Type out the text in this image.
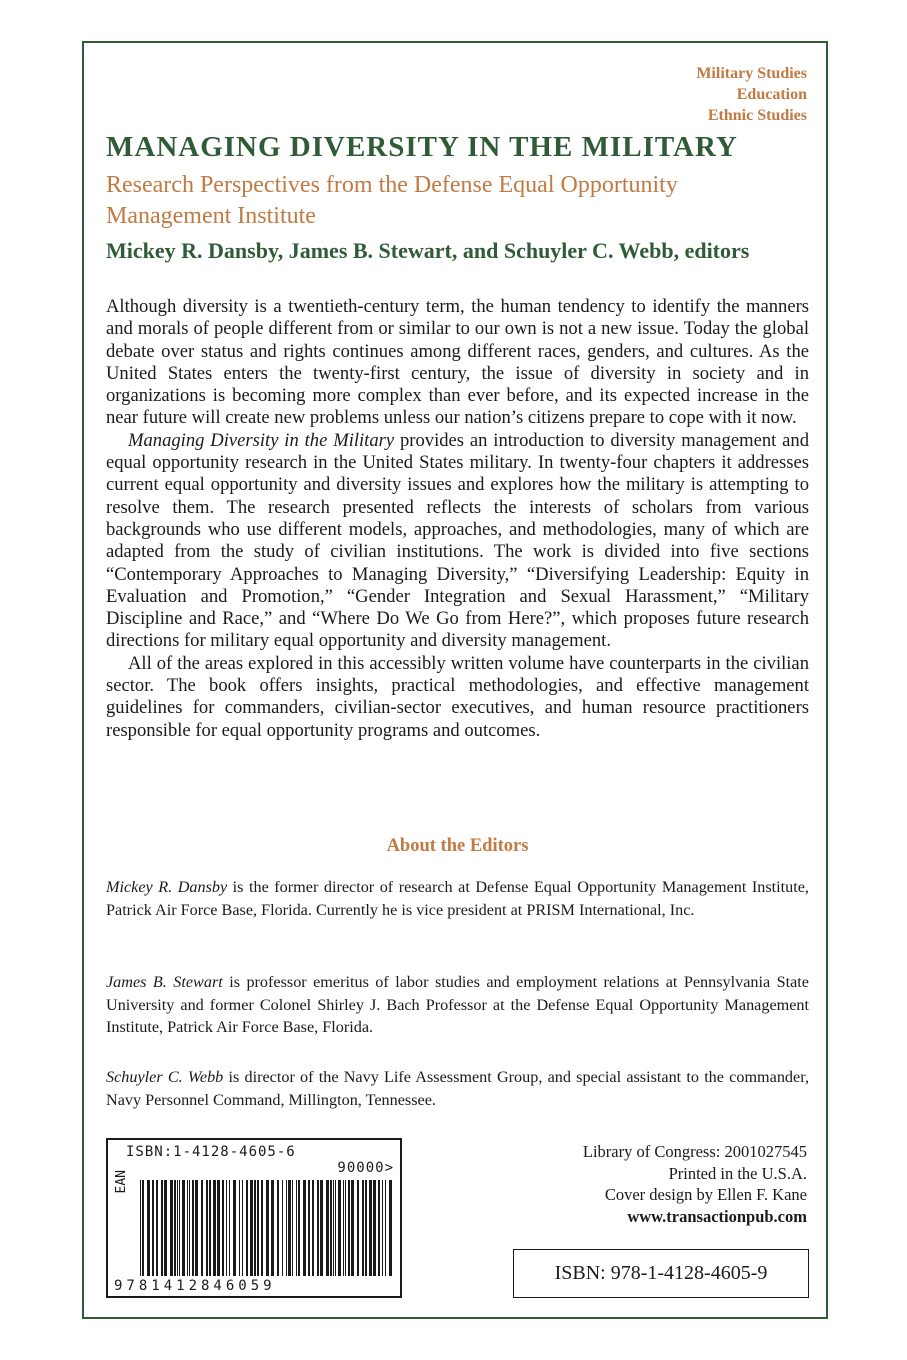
Military Studies
Education
Ethnic Studies
MANAGING DIVERSITY IN THE MILITARY
Research Perspectives from the Defense Equal Opportunity Management Institute
Mickey R. Dansby, James B. Stewart, and Schuyler C. Webb, editors

Although diversity is a twentieth-century term, the human tendency to identify the manners and morals of people different from or similar to our own is not a new issue. Today the global debate over status and rights continues among different races, genders, and cultures. As the United States enters the twenty-first century, the issue of diversity in society and in organizations is becoming more complex than ever before, and its expected increase in the near future will create new problems unless our nation’s citizens prepare to cope with it now.

Managing Diversity in the Military provides an introduction to diversity management and equal opportunity research in the United States military. In twenty-four chapters it addresses current equal opportunity and diversity issues and explores how the military is attempting to resolve them. The research presented reflects the interests of scholars from various backgrounds who use different models, approaches, and methodologies, many of which are adapted from the study of civilian institutions. The work is divided into five sections “Contemporary Approaches to Managing Diversity,” “Diversifying Leadership: Equity in Evaluation and Promotion,” “Gender Integration and Sexual Harassment,” “Military Discipline and Race,” and “Where Do We Go from Here?”, which proposes future research directions for military equal opportunity and diversity management.

All of the areas explored in this accessibly written volume have counterparts in the civilian sector. The book offers insights, practical methodologies, and effective management guidelines for commanders, civilian-sector executives, and human resource practitioners responsible for equal opportunity programs and outcomes.

About the Editors
Mickey R. Dansby is the former director of research at Defense Equal Opportunity Management Institute, Patrick Air Force Base, Florida. Currently he is vice president at PRISM International, Inc.
James B. Stewart is professor emeritus of labor studies and employment relations at Pennsylvania State University and former Colonel Shirley J. Bach Professor at the Defense Equal Opportunity Management Institute, Patrick Air Force Base, Florida.
Schuyler C. Webb is director of the Navy Life Assessment Group, and special assistant to the commander, Navy Personnel Command, Millington, Tennessee.
ISBN:1-4128-4605-6
90000>
EAN
9781412846059
Library of Congress: 2001027545
Printed in the U.S.A.
Cover design by Ellen F. Kane
www.transactionpub.com
ISBN: 978-1-4128-4605-9
